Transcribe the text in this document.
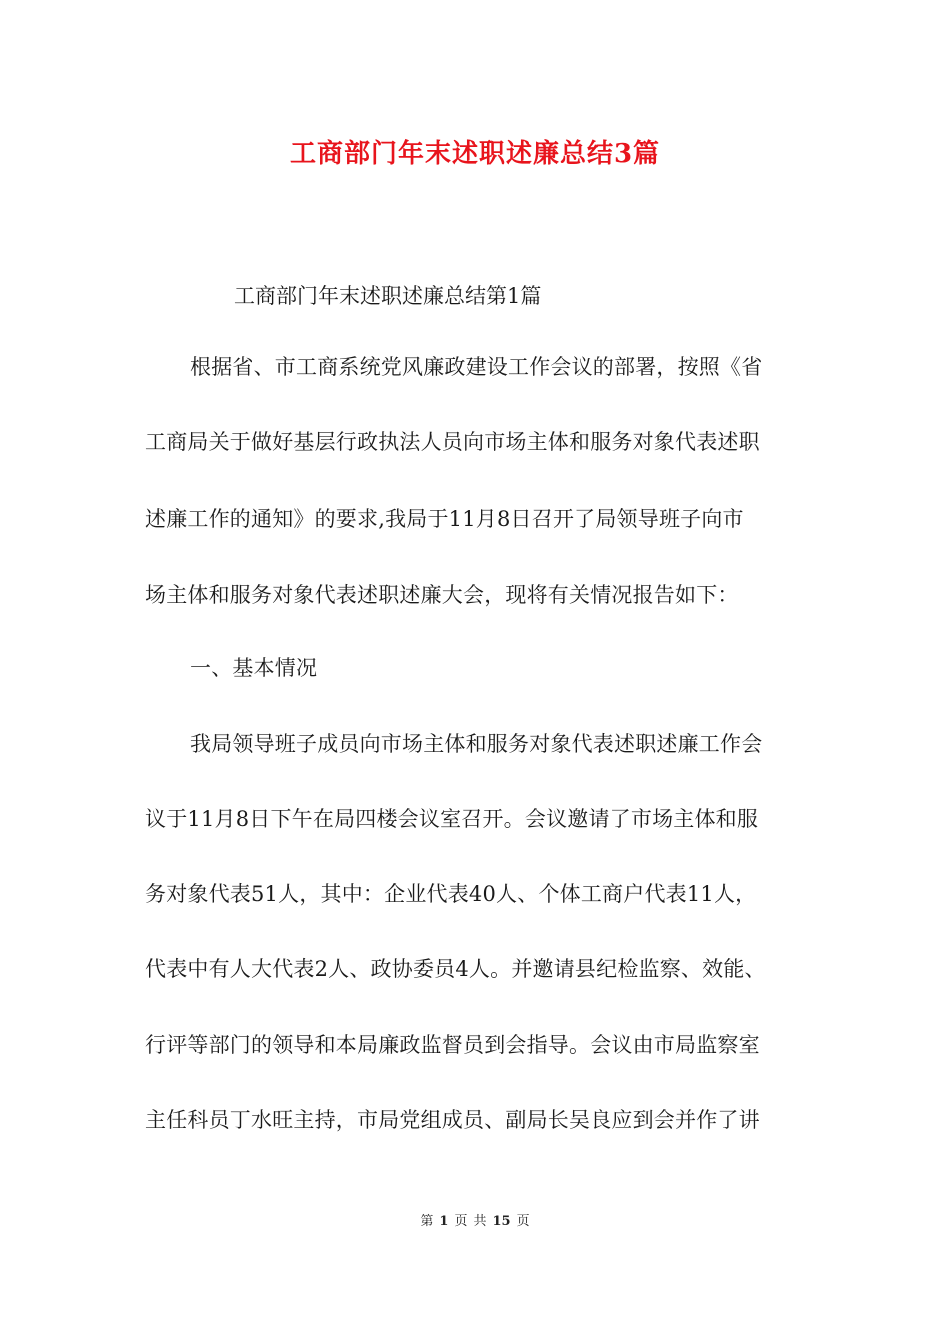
工商部门年末述职述廉总结3篇
工商部门年末述职述廉总结第1篇
根据省、市工商系统党风廉政建设工作会议的部署，按照《省
工商局关于做好基层行政执法人员向市场主体和服务对象代表述职
述廉工作的通知》的要求,我局于11月8日召开了局领导班子向市
场主体和服务对象代表述职述廉大会，现将有关情况报告如下：
一、基本情况
我局领导班子成员向市场主体和服务对象代表述职述廉工作会
议于11月8日下午在局四楼会议室召开。会议邀请了市场主体和服
务对象代表51人，其中：企业代表40人、个体工商户代表11人，
代表中有人大代表2人、政协委员4人。并邀请县纪检监察、效能、
行评等部门的领导和本局廉政监督员到会指导。会议由市局监察室
主任科员丁水旺主持，市局党组成员、副局长吴良应到会并作了讲
第 1 页 共 15 页
